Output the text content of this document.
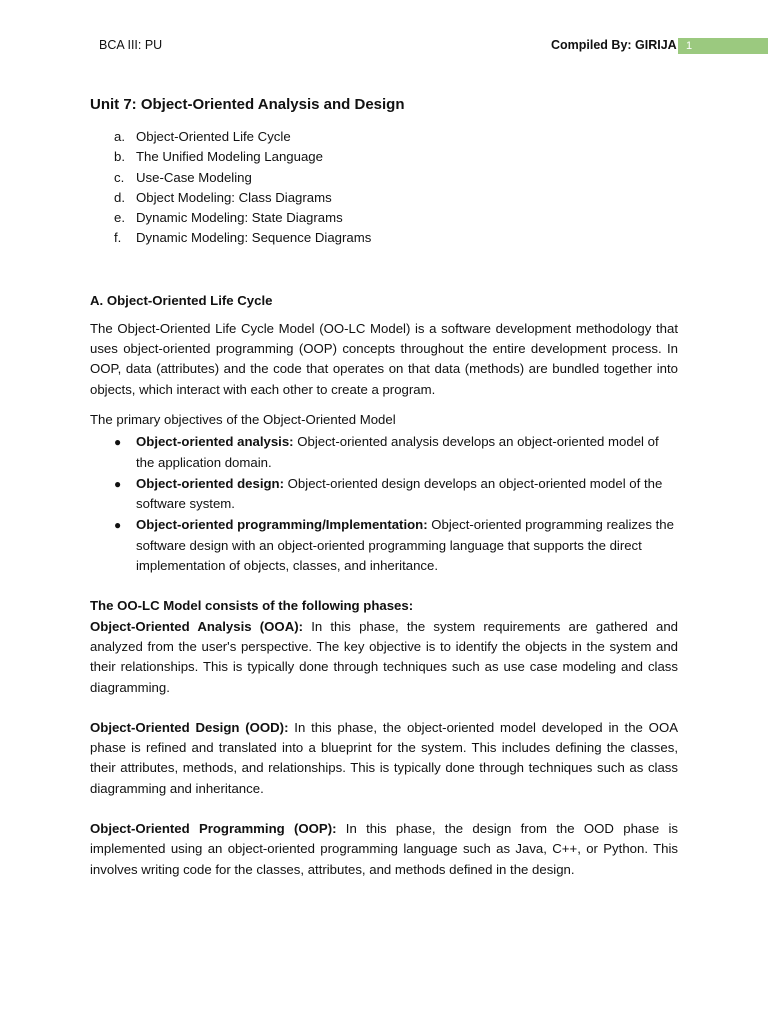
BCA III: PU	Compiled By: GIRIJA 1
Unit 7: Object-Oriented Analysis and Design
a. Object-Oriented Life Cycle
b. The Unified Modeling Language
c. Use-Case Modeling
d. Object Modeling: Class Diagrams
e. Dynamic Modeling: State Diagrams
f.	Dynamic Modeling: Sequence Diagrams
A. Object-Oriented Life Cycle

The Object-Oriented Life Cycle Model (OO-LC Model) is a software development methodology that uses object-oriented programming (OOP) concepts throughout the entire development process. In OOP, data (attributes) and the code that operates on that data (methods) are bundled together into objects, which interact with each other to create a program.

The primary objectives of the Object-Oriented Model

● Object-oriented analysis: Object-oriented analysis develops an object-oriented model of the application domain.
● Object-oriented design: Object-oriented design develops an object-oriented model of the software system.
● Object-oriented programming/Implementation: Object-oriented programming realizes the software design with an object-oriented programming language that supports the direct implementation of objects, classes, and inheritance.

The OO-LC Model consists of the following phases:

Object-Oriented Analysis (OOA): In this phase, the system requirements are gathered and analyzed from the user's perspective. The key objective is to identify the objects in the system and their relationships. This is typically done through techniques such as use case modeling and class diagramming.

Object-Oriented Design (OOD): In this phase, the object-oriented model developed in the OOA phase is refined and translated into a blueprint for the system. This includes defining the classes, their attributes, methods, and relationships. This is typically done through techniques such as class diagramming and inheritance.

Object-Oriented Programming (OOP): In this phase, the design from the OOD phase is implemented using an object-oriented programming language such as Java, C++, or Python. This involves writing code for the classes, attributes, and methods defined in the design.
